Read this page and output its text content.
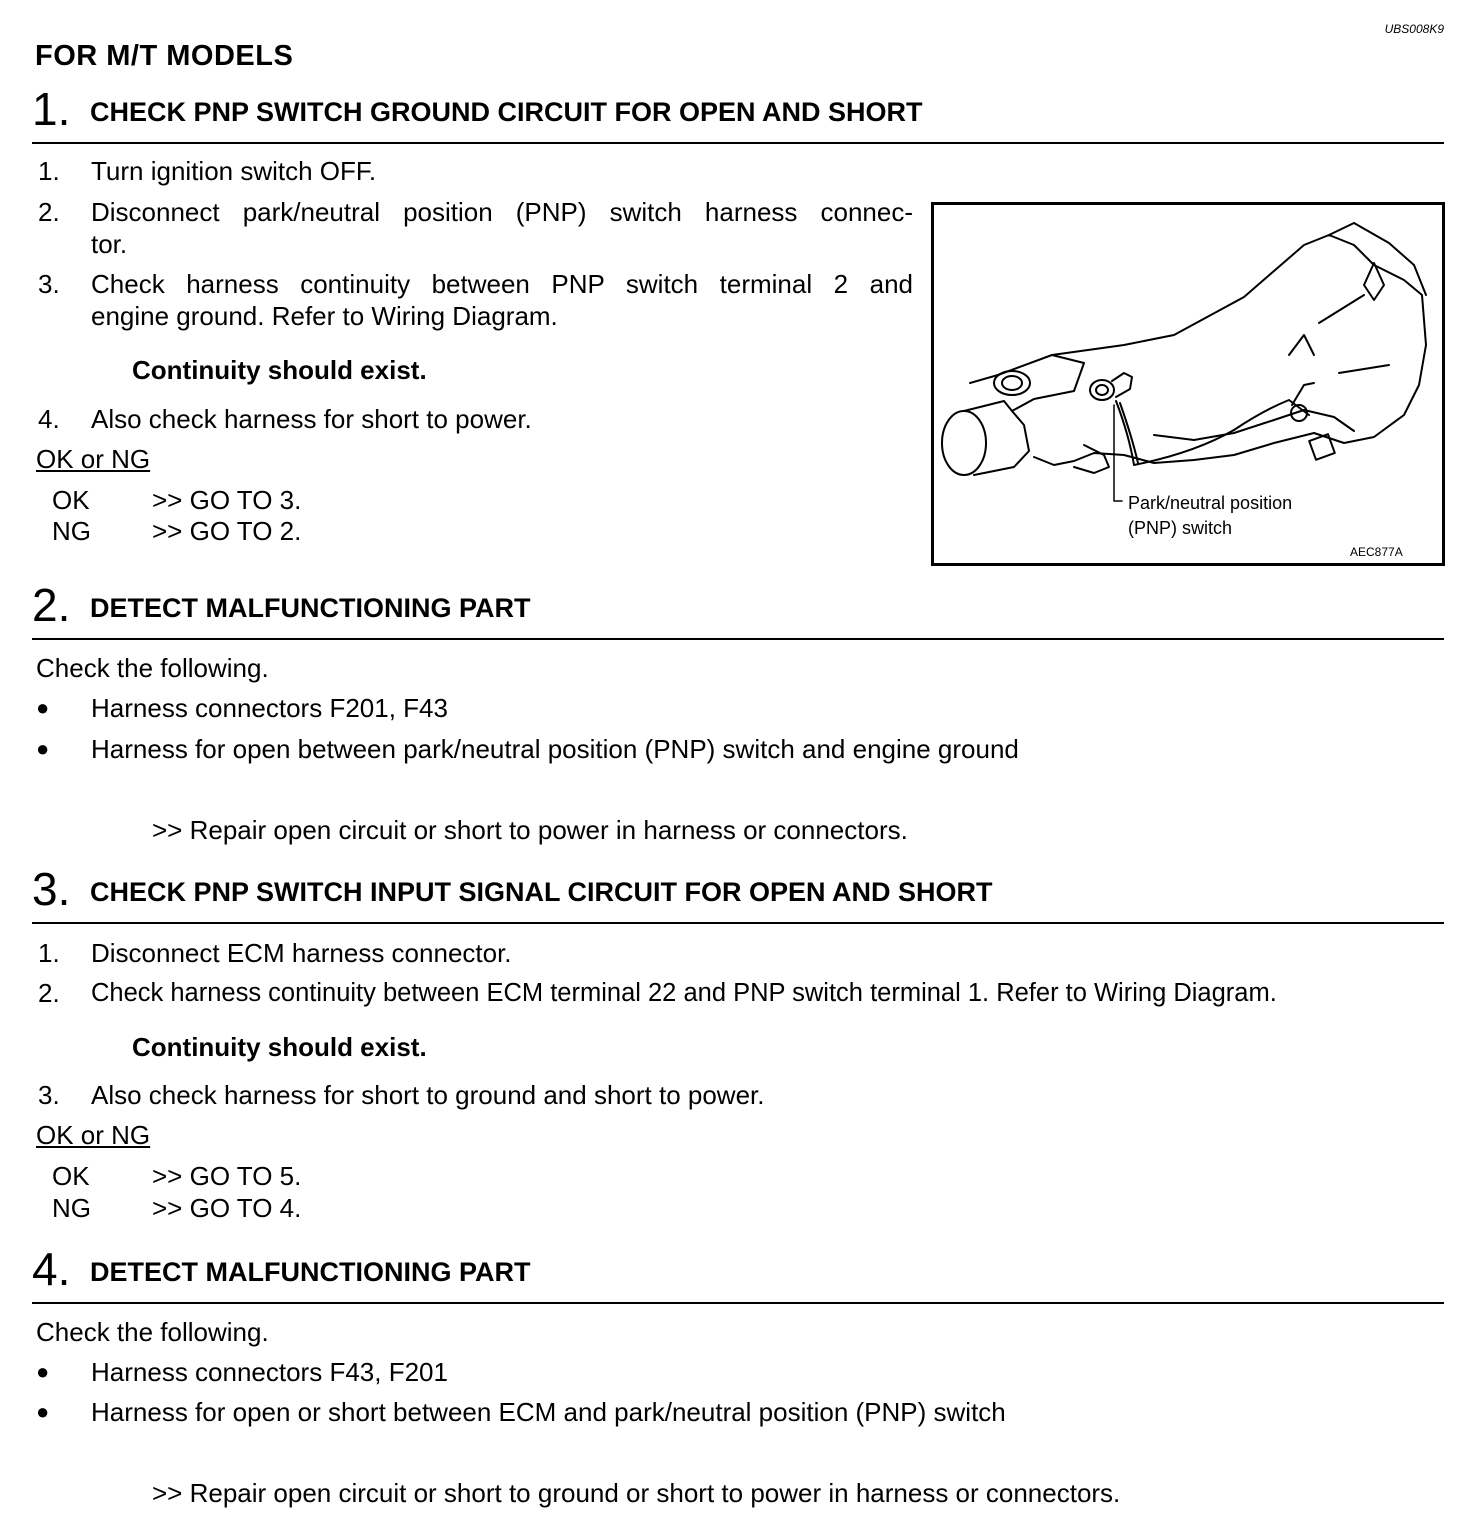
UBS008K9
FOR M/T MODELS
1. CHECK PNP SWITCH GROUND CIRCUIT FOR OPEN AND SHORT
1. Turn ignition switch OFF.
2. Disconnect park/neutral position (PNP) switch harness connec-
tor.
3. Check harness continuity between PNP switch terminal 2 and
engine ground. Refer to Wiring Diagram.
Continuity should exist.
4. Also check harness for short to power.
OK or NG
OK >> GO TO 3.
NG >> GO TO 2.
Park/neutral position
(PNP) switch
AEC877A
2. DETECT MALFUNCTIONING PART
Check the following.
● Harness connectors F201, F43
● Harness for open between park/neutral position (PNP) switch and engine ground
>> Repair open circuit or short to power in harness or connectors.
3. CHECK PNP SWITCH INPUT SIGNAL CIRCUIT FOR OPEN AND SHORT
1. Disconnect ECM harness connector.
2. Check harness continuity between ECM terminal 22 and PNP switch terminal 1. Refer to Wiring Diagram.
Continuity should exist.
3. Also check harness for short to ground and short to power.
OK or NG
OK >> GO TO 5.
NG >> GO TO 4.
4. DETECT MALFUNCTIONING PART
Check the following.
● Harness connectors F43, F201
● Harness for open or short between ECM and park/neutral position (PNP) switch
>> Repair open circuit or short to ground or short to power in harness or connectors.
